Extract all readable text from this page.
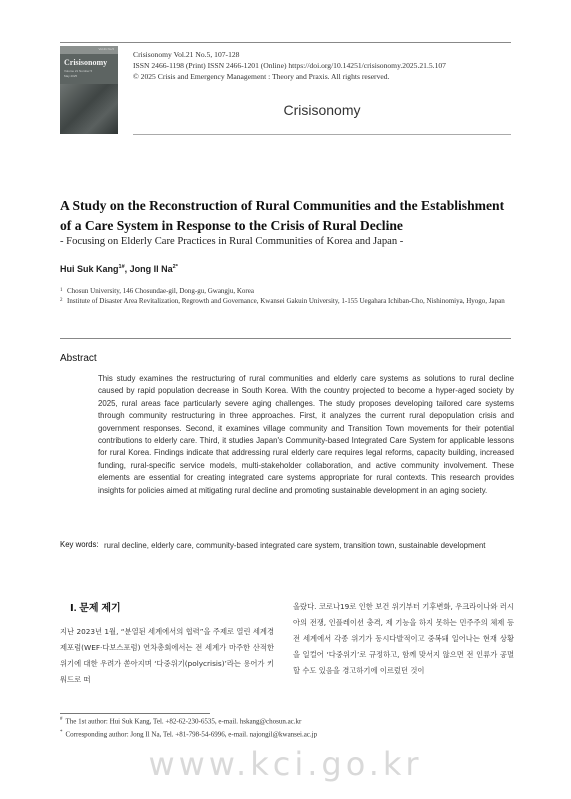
Vol.21 No.5
Crisisonomy
Volume 21 Number 5
May 2025
Crisisonomy Vol.21 No.5, 107-128
ISSN 2466-1198 (Print) ISSN 2466-1201 (Online) https://doi.org/10.14251/crisisonomy.2025.21.5.107
© 2025 Crisis and Emergency Management : Theory and Praxis. All rights reserved.
Crisisonomy
A Study on the Reconstruction of Rural Communities and the Establishment of a Care System in Response to the Crisis of Rural Decline
- Focusing on Elderly Care Practices in Rural Communities of Korea and Japan -
Hui Suk Kang$^{1\#}$, Jong Il $Na^{2*}$
1 Chosun University, 146 Chosundae-gil, Dong-gu, Gwangju, Korea
2 Institute of Disaster Area Revitalization, Regrowth and Governance, Kwansei Gakuin University, 1-155 Uegahara Ichiban-Cho, Nishinomiya, Hyogo, Japan
Abstract
This study examines the restructuring of rural communities and elderly care systems as solutions to rural decline caused by rapid population decrease in South Korea. With the country projected to become a hyper-aged society by 2025, rural areas face particularly severe aging challenges. The study proposes developing tailored care systems through community restructuring in three approaches. First, it analyzes the current rural depopulation crisis and government responses. Second, it examines village community and Transition Town movements for their potential contributions to elderly care. Third, it studies Japan's Community-based Integrated Care System for applicable lessons for rural Korea. Findings indicate that addressing rural elderly care requires legal reforms, capacity building, increased funding, rural-specific service models, multi-stakeholder collaboration, and active community involvement. These elements are essential for creating integrated care systems appropriate for rural contexts. This research provides insights for policies aimed at mitigating rural decline and promoting sustainable development in an aging society.
Key words: rural decline, elderly care, community-based integrated care system, transition town, sustainable development
Ⅰ. 문제 제기
지난 2023년 1월, “분열된 세계에서의 협력”을 주제로 열린 세계경제포럼(WEF·다보스포럼) 연차총회에서는 전 세계가 마주한 산적한 위기에 대한 우려가 쏟아지며 ‘다중위기(polycrisis)’라는 용어가 키워드로 떠
올랐다. 코로나19로 인한 보건 위기부터 기후변화, 우크라이나와 러시아의 전쟁, 인플레이션 충격, 제 기능을 하지 못하는 민주주의 체제 등 전 세계에서 각종 위기가 동시다발적이고 중복돼 일어나는 현재 상황을 일컬어 ‘다중위기’로 규정하고, 함께 맞서지 않으면 전 인류가 공멸할 수도 있음을 경고하기에 이르렀던 것이
# The 1st author: Hui Suk Kang, Tel. +82-62-230-6535, e-mail. hskang@chosun.ac.kr
* Corresponding author: Jong Il Na, Tel. +81-798-54-6996, e-mail. najongil@kwansei.ac.jp
www.kci.go.kr
